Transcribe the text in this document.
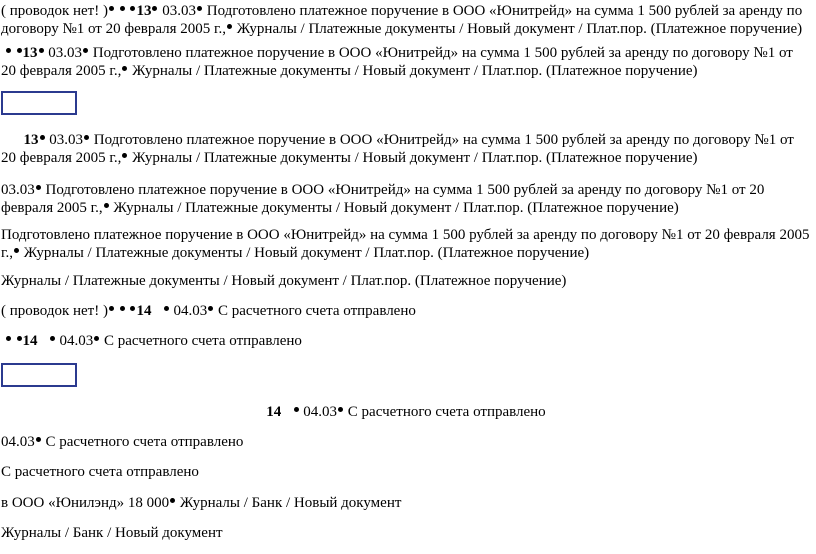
( проводок нет! ) 13 03.03 Подготовлено платежное поручение в ООО «Юнитрейд» на сумма 1 500 рублей за аренду по договору №1 от 20 февраля 2005 г., Журналы / Платежные документы / Новый документ / Плат.пор. (Платежное поручение)
13 03.03 Подготовлено платежное поручение в ООО «Юнитрейд» на сумма 1 500 рублей за аренду по договору №1 от 20 февраля 2005 г., Журналы / Платежные документы / Новый документ / Плат.пор. (Платежное поручение)
13 03.03 Подготовлено платежное поручение в ООО «Юнитрейд» на сумма 1 500 рублей за аренду по договору №1 от 20 февраля 2005 г., Журналы / Платежные документы / Новый документ / Плат.пор. (Платежное поручение)
03.03 Подготовлено платежное поручение в ООО «Юнитрейд» на сумма 1 500 рублей за аренду по договору №1 от 20 февраля 2005 г., Журналы / Платежные документы / Новый документ / Плат.пор. (Платежное поручение)
Подготовлено платежное поручение в ООО «Юнитрейд» на сумма 1 500 рублей за аренду по договору №1 от 20 февраля 2005 г., Журналы / Платежные документы / Новый документ / Плат.пор. (Платежное поручение)
Журналы / Платежные документы / Новый документ / Плат.пор. (Платежное поручение)
( проводок нет! ) 14    04.03 С расчетного счета отправлено
14    04.03 С расчетного счета отправлено
14    04.03 С расчетного счета отправлено
04.03 С расчетного счета отправлено
С расчетного счета отправлено
в ООО «Юнилэнд» 18 000 Журналы / Банк / Новый документ
Журналы / Банк / Новый документ
